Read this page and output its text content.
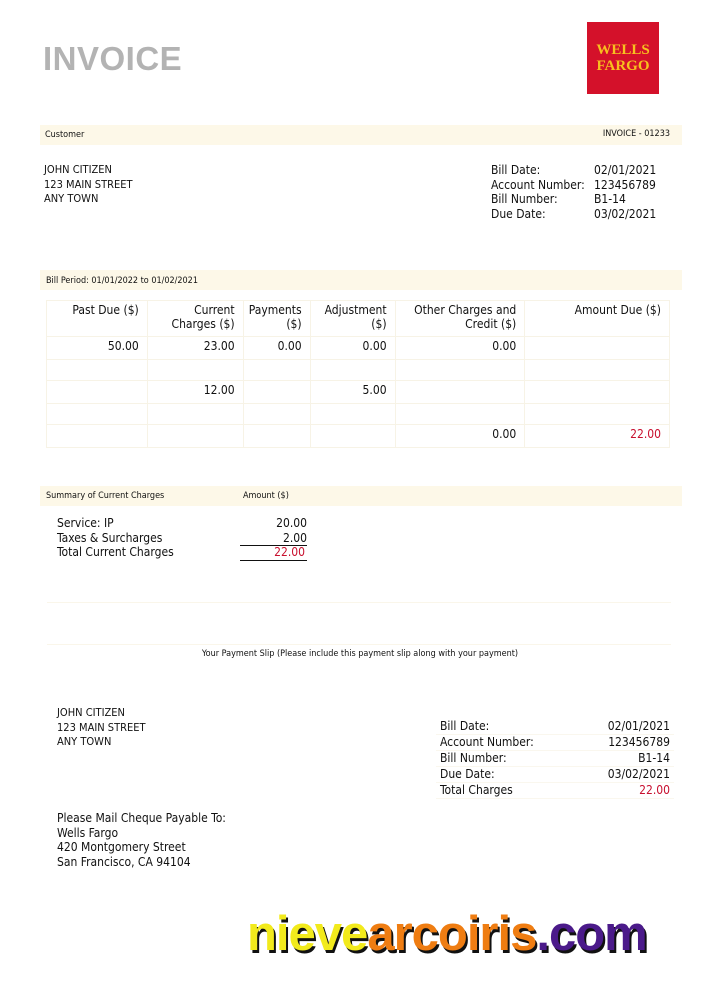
INVOICE	WELLS
FARGO
Customer	INVOICE - 01233
JOHN CITIZEN
123 MAIN STREET
ANY TOWN
Bill Date:	02/01/2021
Account Number: 123456789
Bill Number:	B1-14
Due Date:	03/02/2021
Bill Period: 01/01/2022 to 01/02/2021
Past Due ($)	Current Charges ($)	Payments ($)	Adjustment ($)	Other Charges and Credit ($)	Amount Due ($)
50.00	23.00	0.00	0.00	0.00	

	12.00		5.00		

				0.00	22.00
Summary of Current Charges	Amount ($)
Service: IP	20.00
Taxes & Surcharges	2.00
Total Current Charges	22.00
Your Payment Slip (Please include this payment slip along with your payment)
JOHN CITIZEN
123 MAIN STREET
ANY TOWN
Bill Date:	02/01/2021
Account Number:	123456789
Bill Number:	B1-14
Due Date:	03/02/2021
Total Charges	22.00
Please Mail Cheque Payable To:
Wells Fargo
420 Montgomery Street
San Francisco, CA 94104
nievearcoiris.com
